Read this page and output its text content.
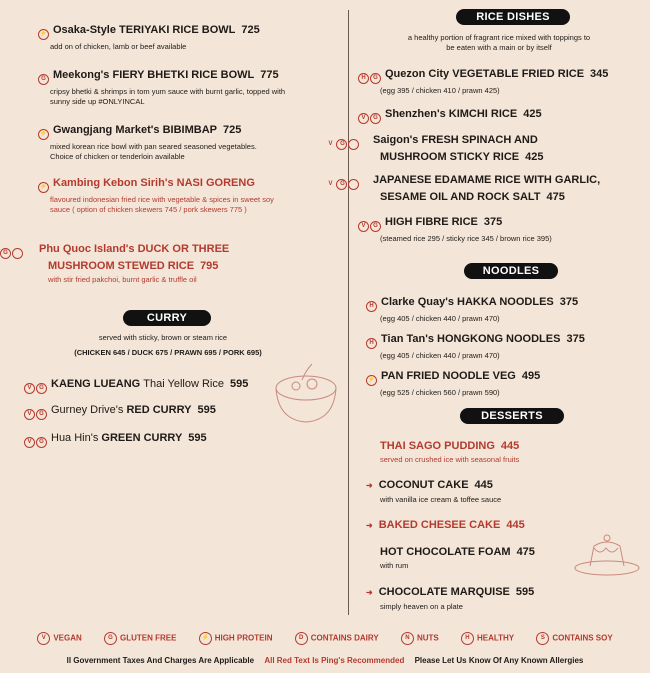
⚡ Osaka-Style TERIYAKI RICE BOWL 725
add on of chicken, lamb or beef available
G Meekong's FIERY BHETKI RICE BOWL 775
cripsy bhetki & shrimps in tom yum sauce with burnt garlic, topped with sunny side up #ONLYINCAL
⚡ Gwangjang Market's BIBIMBAP 725
mixed korean rice bowl with pan seared seasoned vegetables. Choice of chicken or tenderloin available
⚡ Kambing Kebon Sirih's NASI GORENG
flavoured indonesian fried rice with vegetable & spices in sweet soy sauce ( option of chicken skewers 745 / pork skewers 775 )
G	Phu Quoc Island's DUCK OR THREE MUSHROOM STEWED RICE 795
with stir fried pakchoi, burnt garlic & truffle oil
CURRY
served with sticky, brown or steam rice
(CHICKEN 645 / DUCK 675 / PRAWN 695 / PORK 695)
V G KAENG LUEANG Thai Yellow Rice 595
V G Gurney Drive's RED CURRY 595
V G Hua Hin's GREEN CURRY 595
RICE DISHES
a healthy portion of fragrant rice mixed with toppings to be eaten with a main or by itself
H G Quezon City VEGETABLE FRIED RICE 345
(egg 395 / chicken 410 / prawn 425)
V G Shenzhen's KIMCHI RICE 425
V G	Saigon's FRESH SPINACH AND MUSHROOM STICKY RICE 425
V G	JAPANESE EDAMAME RICE WITH GARLIC, SESAME OIL AND ROCK SALT 475
V G HIGH FIBRE RICE 375
(steamed rice 295 / sticky rice 345 / brown rice 395)
NOODLES
H Clarke Quay's HAKKA NOODLES 375
(egg 405 / chicken 440 / prawn 470)
H Tian Tan's HONGKONG NOODLES 375
(egg 405 / chicken 440 / prawn 470)
⚡ PAN FRIED NOODLE VEG 495
(egg 525 / chicken 560 / prawn 590)
DESSERTS
THAI SAGO PUDDING 445
served on crushed ice with seasonal fruits
➜ COCONUT CAKE 445
with vanilla ice cream & toffee sauce
➜ BAKED CHESEE CAKE 445
HOT CHOCOLATE FOAM 475
with rum
➜ CHOCOLATE MARQUISE 595
simply heaven on a plate
V VEGAN	G GLUTEN FREE	⚡ HIGH PROTEIN	D CONTAINS DAIRY	N NUTS	H HEALTHY	S CONTAINS SOY
ll Government Taxes And Charges Are Applicable All Red Text Is Ping's Recommended Please Let Us Know Of Any Known Allergies
